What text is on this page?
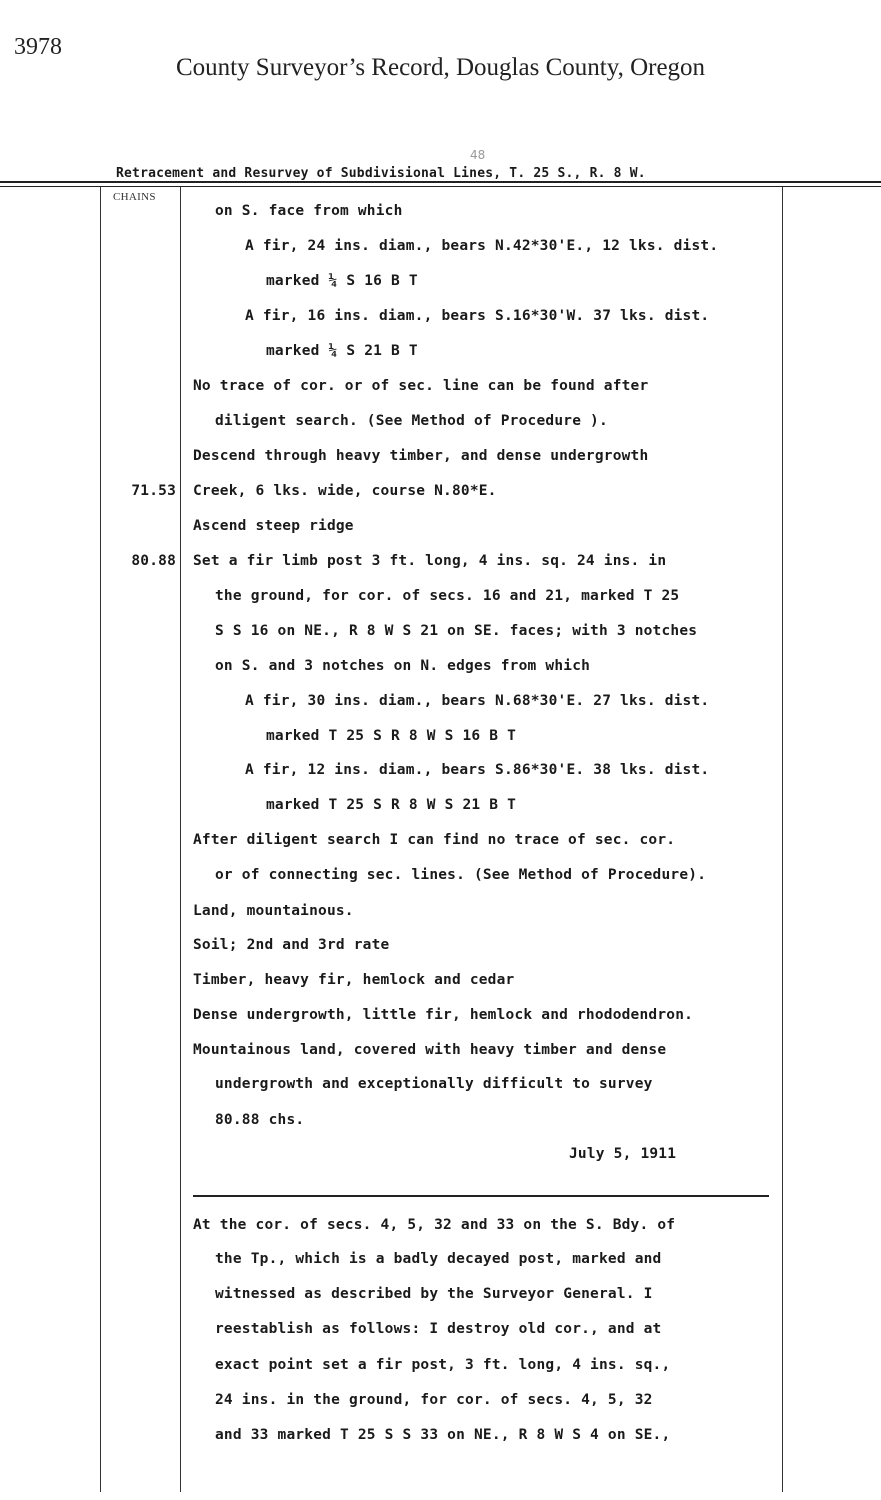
3978
County Surveyor’s Record, Douglas County, Oregon
48
Retracement and Resurvey of Subdivisional Lines, T. 25 S., R. 8 W.
CHAINS
on S. face from which
A fir, 24 ins. diam., bears N.42*30'E., 12 lks. dist.
marked ¼ S 16 B T
A fir, 16 ins. diam., bears S.16*30'W. 37 lks. dist.
marked ¼ S 21 B T
No trace of cor. or of sec. line can be found after
diligent search. (See Method of Procedure ).
Descend through heavy timber, and dense undergrowth
71.53 Creek, 6 lks. wide, course N.80*E.
Ascend steep ridge
80.88 Set a fir limb post 3 ft. long, 4 ins. sq. 24 ins. in
the ground, for cor. of secs. 16 and 21, marked T 25
S S 16 on NE., R 8 W S 21 on SE. faces; with 3 notches
on S. and 3 notches on N. edges from which
A fir, 30 ins. diam., bears N.68*30'E. 27 lks. dist.
marked T 25 S R 8 W S 16 B T
A fir, 12 ins. diam., bears S.86*30'E. 38 lks. dist.
marked T 25 S R 8 W S 21 B T
After diligent search I can find no trace of sec. cor.
or of connecting sec. lines. (See Method of Procedure).
Land, mountainous.
Soil; 2nd and 3rd rate
Timber, heavy fir, hemlock and cedar
Dense undergrowth, little fir, hemlock and rhododendron.
Mountainous land, covered with heavy timber and dense
undergrowth and exceptionally difficult to survey
80.88 chs.
July 5, 1911
At the cor. of secs. 4, 5, 32 and 33 on the S. Bdy. of
the Tp., which is a badly decayed post, marked and
witnessed as described by the Surveyor General. I
reestablish as follows: I destroy old cor., and at
exact point set a fir post, 3 ft. long, 4 ins. sq.,
24 ins. in the ground, for cor. of secs. 4, 5, 32
and 33 marked T 25 S S 33 on NE., R 8 W S 4 on SE.,
